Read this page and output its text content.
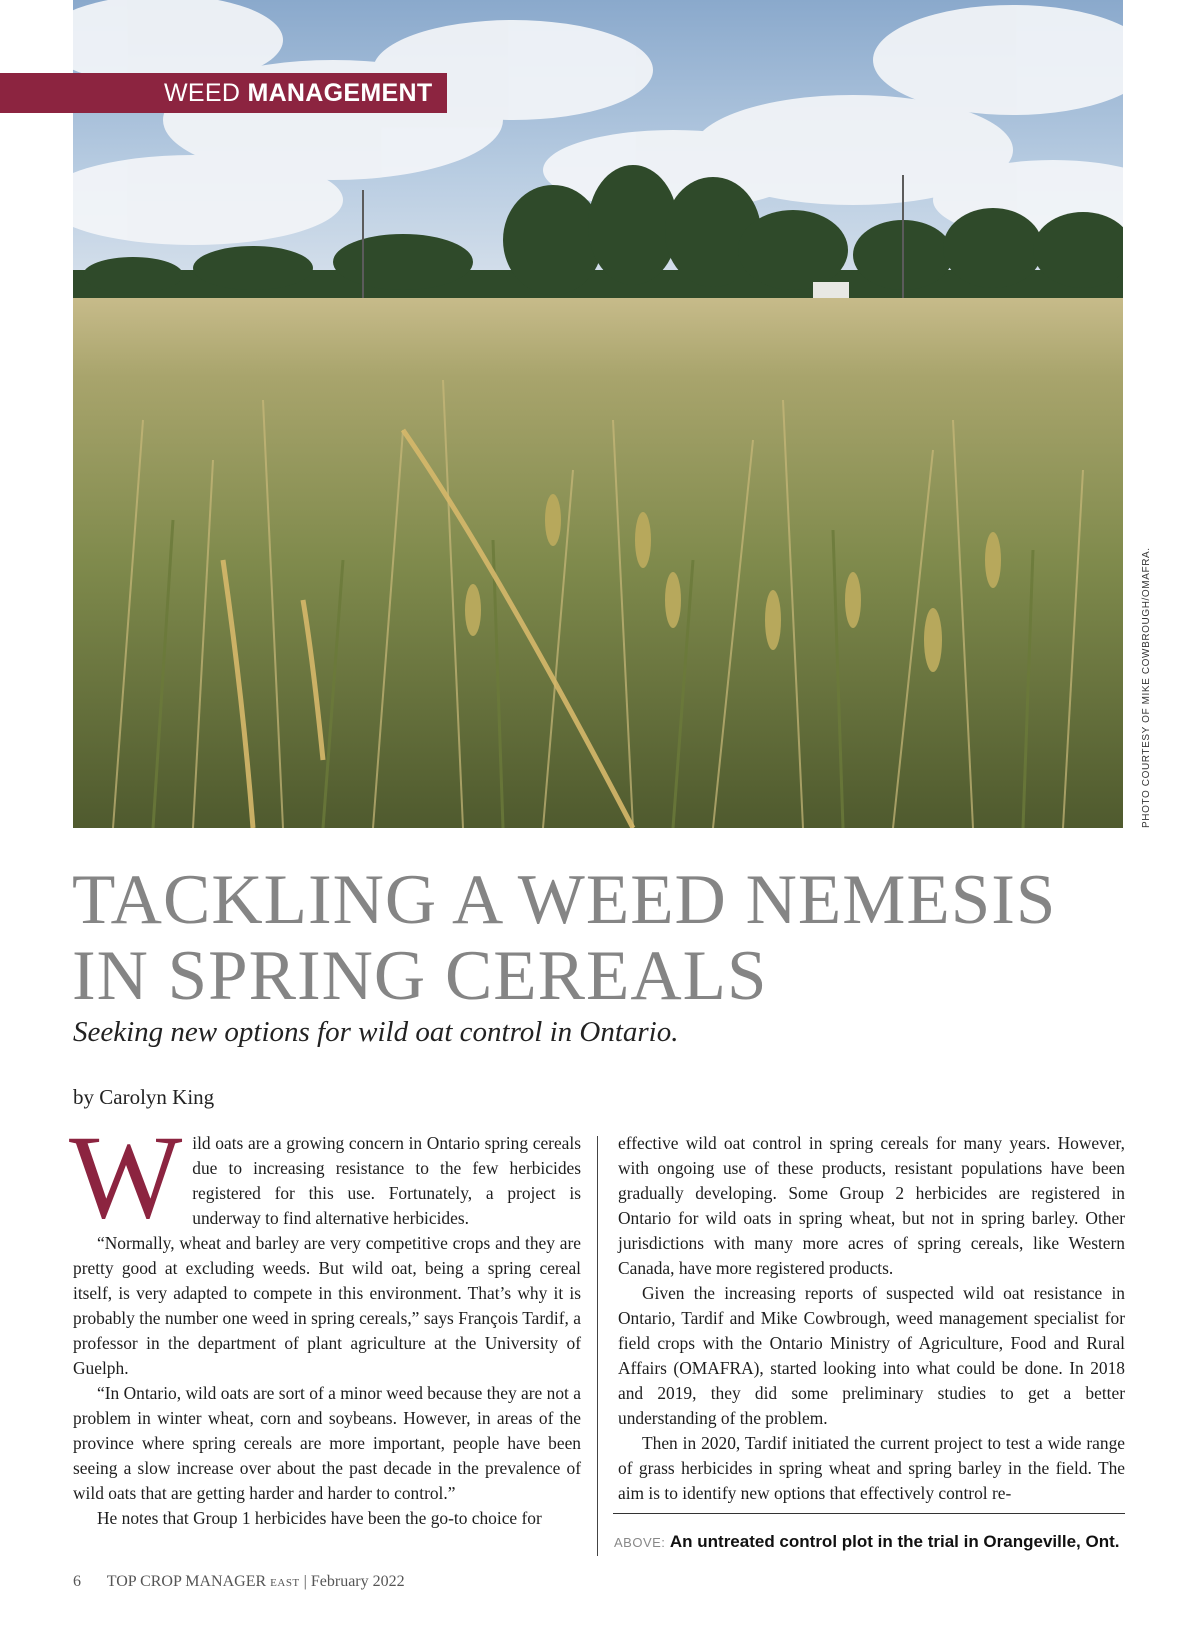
WEED MANAGEMENT
PHOTO COURTESY OF MIKE COWBROUGH/OMAFRA.
TACKLING A WEED NEMESIS
IN SPRING CEREALS
Seeking new options for wild oat control in Ontario.
by Carolyn King

Wild oats are a growing concern in Ontario spring cereals due to increasing resistance to the few herbicides registered for this use. Fortunately, a project is underway to find alternative herbicides.

“Normally, wheat and barley are very competitive crops and they are pretty good at excluding weeds. But wild oat, being a spring cereal itself, is very adapted to compete in this environment. That’s why it is probably the number one weed in spring cereals,” says François Tardif, a professor in the department of plant agriculture at the University of Guelph.

“In Ontario, wild oats are sort of a minor weed because they are not a problem in winter wheat, corn and soybeans. However, in areas of the province where spring cereals are more important, people have been seeing a slow increase over about the past decade in the prevalence of wild oats that are getting harder and harder to control.”

He notes that Group 1 herbicides have been the go-to choice for

effective wild oat control in spring cereals for many years. However, with ongoing use of these products, resistant populations have been gradually developing. Some Group 2 herbicides are registered in Ontario for wild oats in spring wheat, but not in spring barley. Other jurisdictions with many more acres of spring cereals, like Western Canada, have more registered products.

Given the increasing reports of suspected wild oat resistance in Ontario, Tardif and Mike Cowbrough, weed management specialist for field crops with the Ontario Ministry of Agriculture, Food and Rural Affairs (OMAFRA), started looking into what could be done. In 2018 and 2019, they did some preliminary studies to get a better understanding of the problem.

Then in 2020, Tardif initiated the current project to test a wide range of grass herbicides in spring wheat and spring barley in the field. The aim is to identify new options that effectively control re-

ABOVE: An untreated control plot in the trial in Orangeville, Ont.
6 TOP CROP MANAGER EAST | February 2022
